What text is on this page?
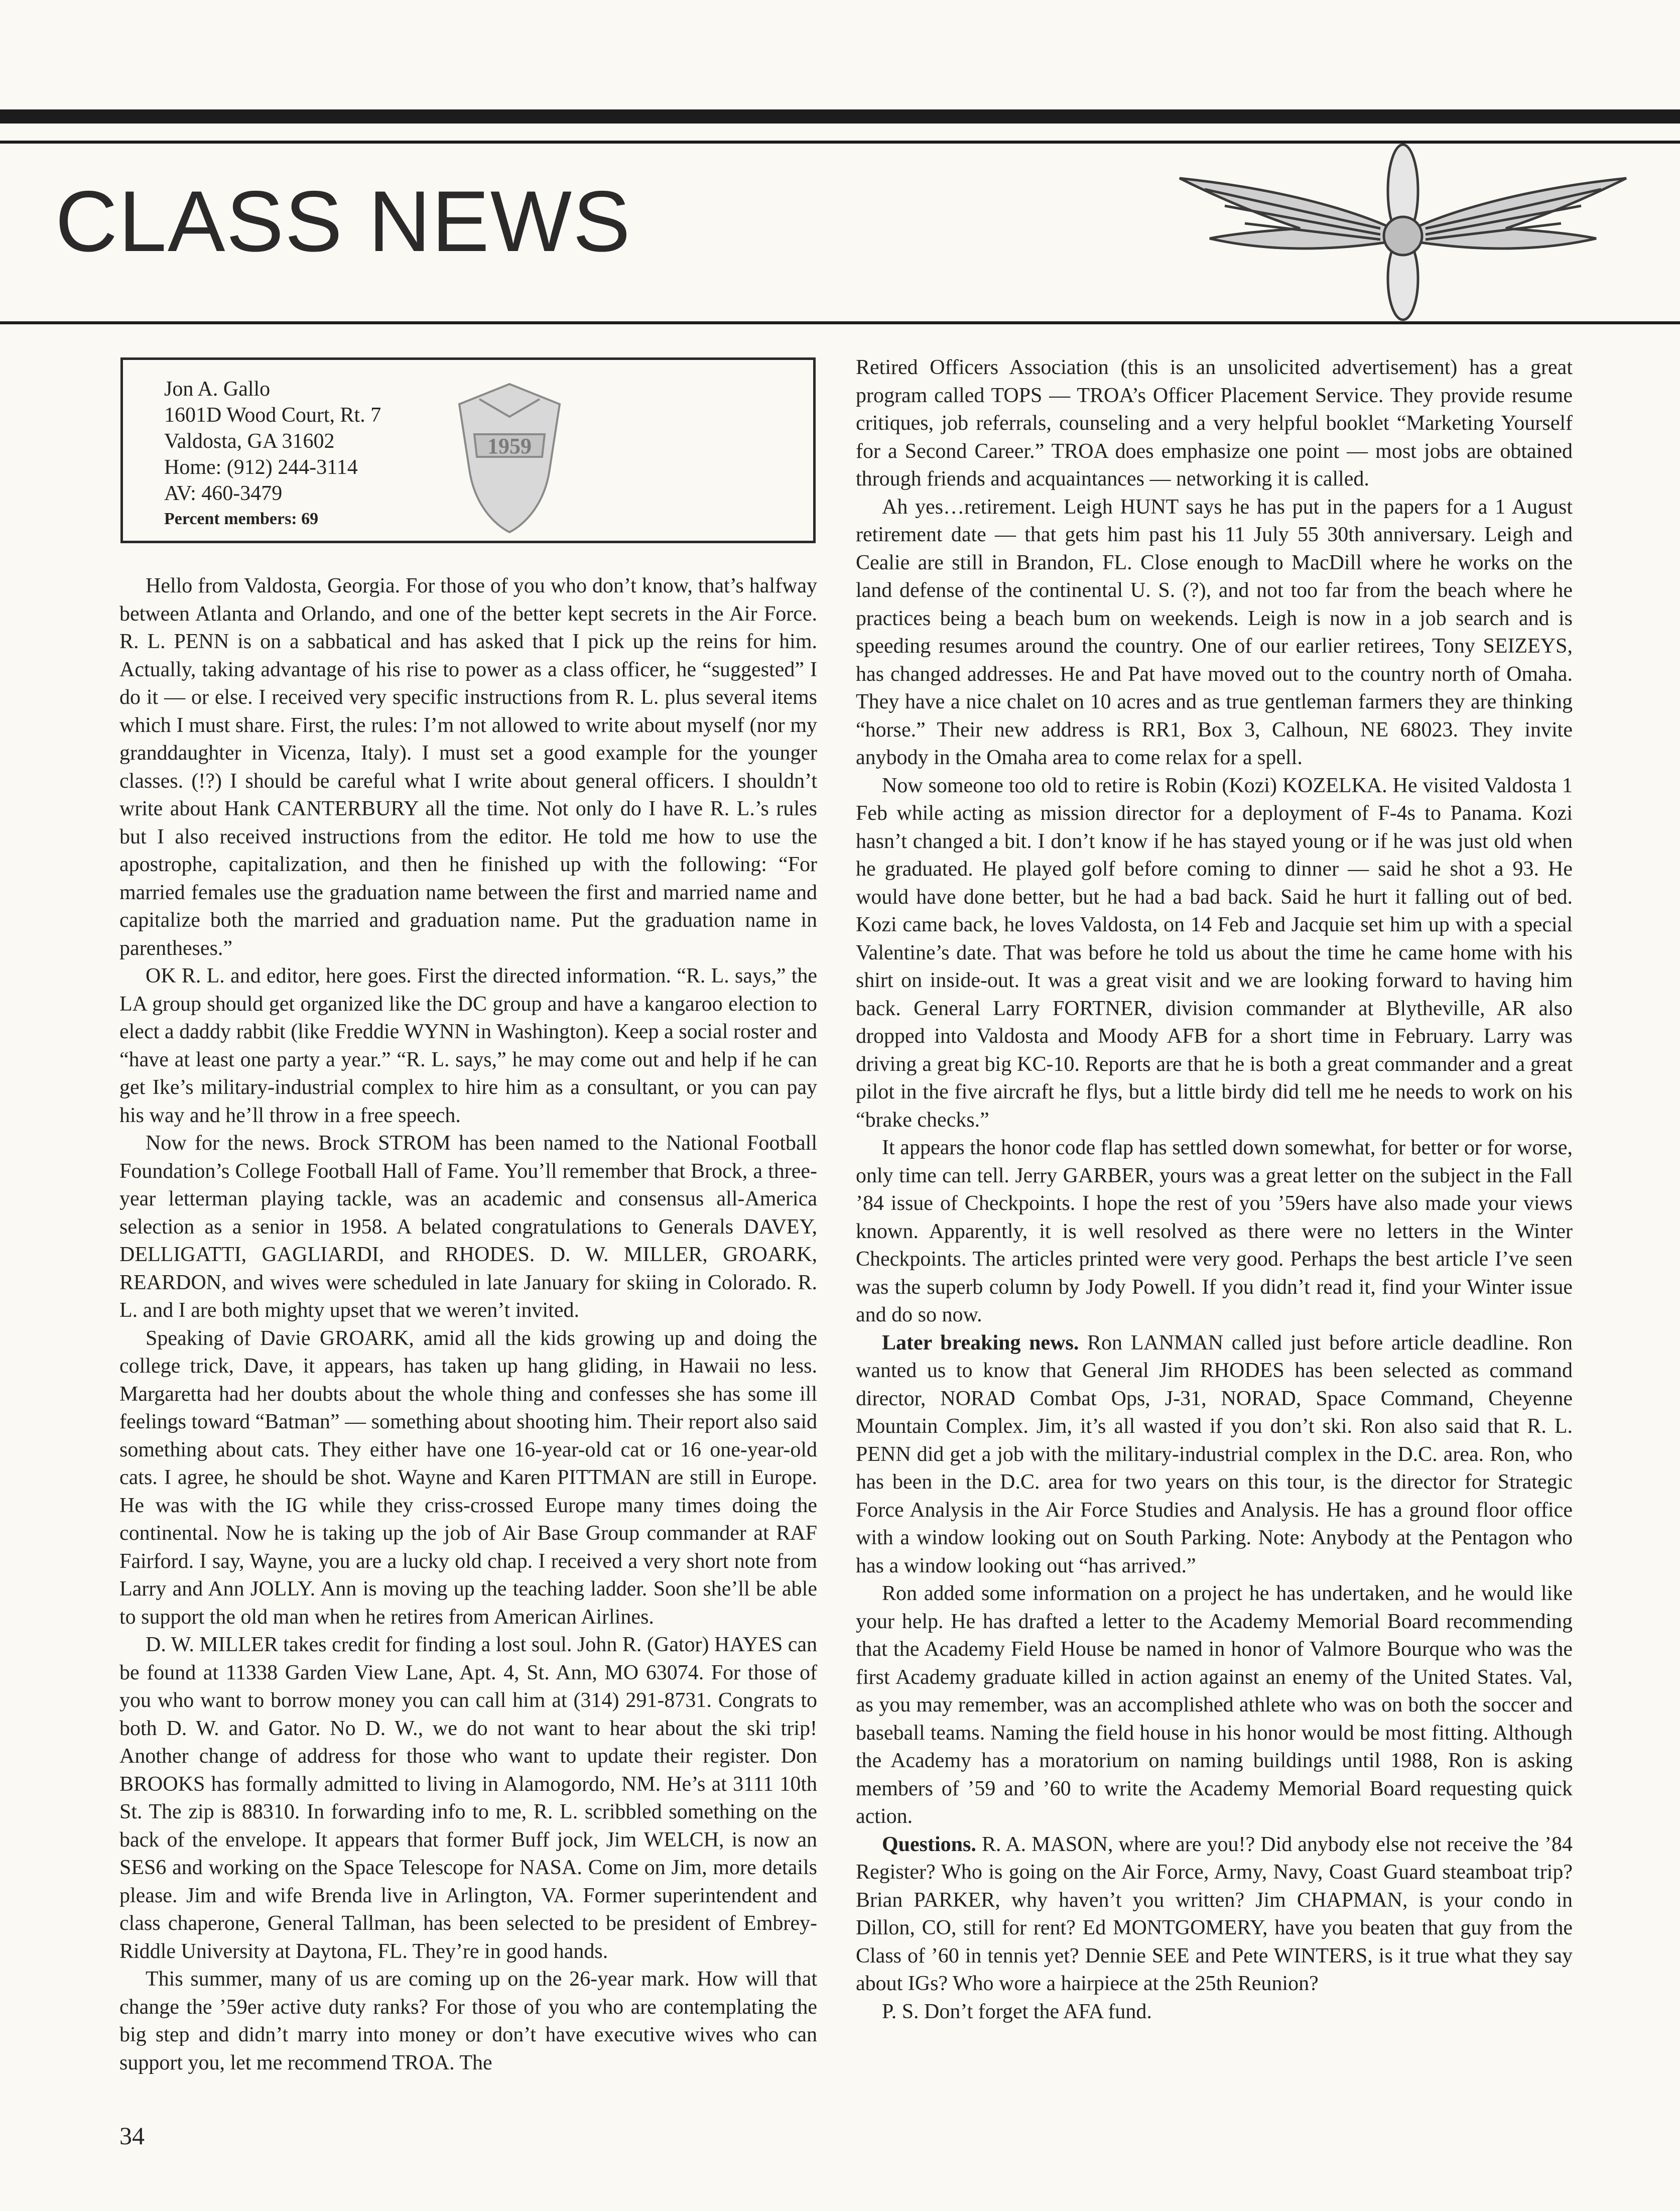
CLASS NEWS
Jon A. Gallo
1601D Wood Court, Rt. 7
Valdosta, GA 31602
Home: (912) 244-3114
AV: 460-3479
Percent members: 69
1959

Hello from Valdosta, Georgia. For those of you who don’t know, that’s halfway between Atlanta and Orlando, and one of the better kept secrets in the Air Force. R. L. PENN is on a sabbatical and has asked that I pick up the reins for him. Actually, taking advantage of his rise to power as a class officer, he “suggested” I do it — or else. I received very specific instructions from R. L. plus several items which I must share. First, the rules: I’m not allowed to write about myself (nor my granddaughter in Vicenza, Italy). I must set a good example for the younger classes. (!?) I should be careful what I write about general officers. I shouldn’t write about Hank CANTERBURY all the time. Not only do I have R. L.’s rules but I also received instructions from the editor. He told me how to use the apostrophe, capitalization, and then he finished up with the following: “For married females use the graduation name between the first and married name and capitalize both the married and graduation name. Put the graduation name in parentheses.”

OK R. L. and editor, here goes. First the directed information. “R. L. says,” the LA group should get organized like the DC group and have a kangaroo election to elect a daddy rabbit (like Freddie WYNN in Washington). Keep a social roster and “have at least one party a year.” “R. L. says,” he may come out and help if he can get Ike’s military-industrial complex to hire him as a consultant, or you can pay his way and he’ll throw in a free speech.

Now for the news. Brock STROM has been named to the National Football Foundation’s College Football Hall of Fame. You’ll remember that Brock, a three-year letterman playing tackle, was an academic and consensus all-America selection as a senior in 1958. A belated congratulations to Generals DAVEY, DELLIGATTI, GAGLIARDI, and RHODES. D. W. MILLER, GROARK, REARDON, and wives were scheduled in late January for skiing in Colorado. R. L. and I are both mighty upset that we weren’t invited.

Speaking of Davie GROARK, amid all the kids growing up and doing the college trick, Dave, it appears, has taken up hang gliding, in Hawaii no less. Margaretta had her doubts about the whole thing and confesses she has some ill feelings toward “Batman” — something about shooting him. Their report also said something about cats. They either have one 16-year-old cat or 16 one-year-old cats. I agree, he should be shot. Wayne and Karen PITTMAN are still in Europe. He was with the IG while they criss-crossed Europe many times doing the continental. Now he is taking up the job of Air Base Group commander at RAF Fairford. I say, Wayne, you are a lucky old chap. I received a very short note from Larry and Ann JOLLY. Ann is moving up the teaching ladder. Soon she’ll be able to support the old man when he retires from American Airlines.

D. W. MILLER takes credit for finding a lost soul. John R. (Gator) HAYES can be found at 11338 Garden View Lane, Apt. 4, St. Ann, MO 63074. For those of you who want to borrow money you can call him at (314) 291-8731. Congrats to both D. W. and Gator. No D. W., we do not want to hear about the ski trip! Another change of address for those who want to update their register. Don BROOKS has formally admitted to living in Alamogordo, NM. He’s at 3111 10th St. The zip is 88310. In forwarding info to me, R. L. scribbled something on the back of the envelope. It appears that former Buff jock, Jim WELCH, is now an SES6 and working on the Space Telescope for NASA. Come on Jim, more details please. Jim and wife Brenda live in Arlington, VA. Former superintendent and class chaperone, General Tallman, has been selected to be president of Embrey-Riddle University at Daytona, FL. They’re in good hands.

This summer, many of us are coming up on the 26-year mark. How will that change the ’59er active duty ranks? For those of you who are contemplating the big step and didn’t marry into money or don’t have executive wives who can support you, let me recommend TROA. The

Retired Officers Association (this is an unsolicited advertisement) has a great program called TOPS — TROA’s Officer Placement Service. They provide resume critiques, job referrals, counseling and a very helpful booklet “Marketing Yourself for a Second Career.” TROA does emphasize one point — most jobs are obtained through friends and acquaintances — networking it is called.

Ah yes…retirement. Leigh HUNT says he has put in the papers for a 1 August retirement date — that gets him past his 11 July 55 30th anniversary. Leigh and Cealie are still in Brandon, FL. Close enough to MacDill where he works on the land defense of the continental U. S. (?), and not too far from the beach where he practices being a beach bum on weekends. Leigh is now in a job search and is speeding resumes around the country. One of our earlier retirees, Tony SEIZEYS, has changed addresses. He and Pat have moved out to the country north of Omaha. They have a nice chalet on 10 acres and as true gentleman farmers they are thinking “horse.” Their new address is RR1, Box 3, Calhoun, NE 68023. They invite anybody in the Omaha area to come relax for a spell.

Now someone too old to retire is Robin (Kozi) KOZELKA. He visited Valdosta 1 Feb while acting as mission director for a deployment of F-4s to Panama. Kozi hasn’t changed a bit. I don’t know if he has stayed young or if he was just old when he graduated. He played golf before coming to dinner — said he shot a 93. He would have done better, but he had a bad back. Said he hurt it falling out of bed. Kozi came back, he loves Valdosta, on 14 Feb and Jacquie set him up with a special Valentine’s date. That was before he told us about the time he came home with his shirt on inside-out. It was a great visit and we are looking forward to having him back. General Larry FORTNER, division commander at Blytheville, AR also dropped into Valdosta and Moody AFB for a short time in February. Larry was driving a great big KC-10. Reports are that he is both a great commander and a great pilot in the five aircraft he flys, but a little birdy did tell me he needs to work on his “brake checks.”

It appears the honor code flap has settled down somewhat, for better or for worse, only time can tell. Jerry GARBER, yours was a great letter on the subject in the Fall ’84 issue of Checkpoints. I hope the rest of you ’59ers have also made your views known. Apparently, it is well resolved as there were no letters in the Winter Checkpoints. The articles printed were very good. Perhaps the best article I’ve seen was the superb column by Jody Powell. If you didn’t read it, find your Winter issue and do so now.

Later breaking news. Ron LANMAN called just before article deadline. Ron wanted us to know that General Jim RHODES has been selected as command director, NORAD Combat Ops, J-31, NORAD, Space Command, Cheyenne Mountain Complex. Jim, it’s all wasted if you don’t ski. Ron also said that R. L. PENN did get a job with the military-industrial complex in the D.C. area. Ron, who has been in the D.C. area for two years on this tour, is the director for Strategic Force Analysis in the Air Force Studies and Analysis. He has a ground floor office with a window looking out on South Parking. Note: Anybody at the Pentagon who has a window looking out “has arrived.”

Ron added some information on a project he has undertaken, and he would like your help. He has drafted a letter to the Academy Memorial Board recommending that the Academy Field House be named in honor of Valmore Bourque who was the first Academy graduate killed in action against an enemy of the United States. Val, as you may remember, was an accomplished athlete who was on both the soccer and baseball teams. Naming the field house in his honor would be most fitting. Although the Academy has a moratorium on naming buildings until 1988, Ron is asking members of ’59 and ’60 to write the Academy Memorial Board requesting quick action.

Questions. R. A. MASON, where are you!? Did anybody else not receive the ’84 Register? Who is going on the Air Force, Army, Navy, Coast Guard steamboat trip? Brian PARKER, why haven’t you written? Jim CHAPMAN, is your condo in Dillon, CO, still for rent? Ed MONTGOMERY, have you beaten that guy from the Class of ’60 in tennis yet? Dennie SEE and Pete WINTERS, is it true what they say about IGs? Who wore a hairpiece at the 25th Reunion?

P. S. Don’t forget the AFA fund.

34
